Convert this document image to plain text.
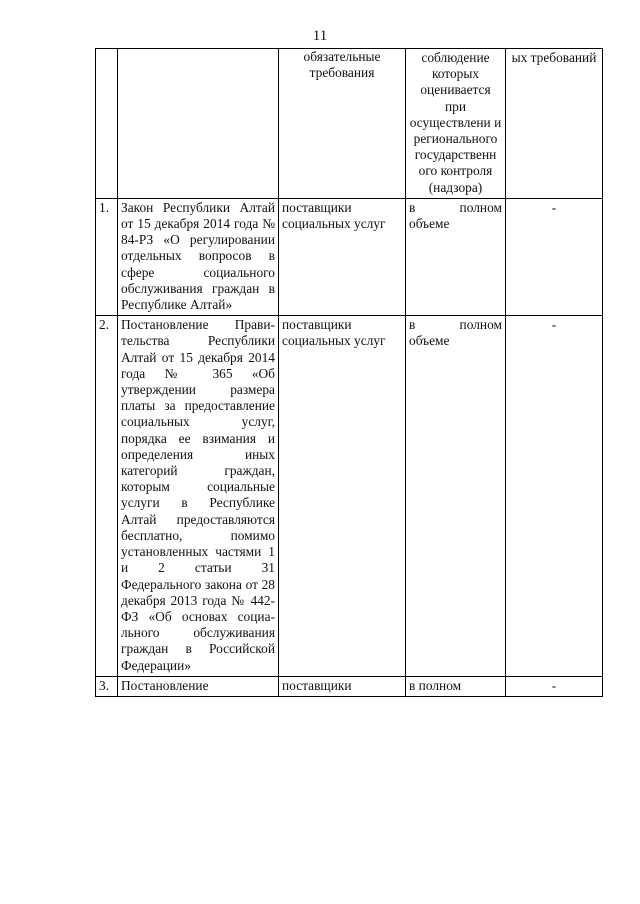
11
		обязательные требования	соблюдение которых оценивается при осуществлени и регионального государственн ого контроля (надзора)	ых требований
1.	Закон Республики Алтай от 15 декабря 2014 года № 84-РЗ «О регулировании отдельных вопросов в сфере социального обслуживания граждан в Республике Алтай»	поставщики социальных услуг	в полном объеме	-
2.	Постановление Прави-тельства Республики Алтай от 15 декабря 2014 года № 365 «Об утверждении размера платы за предоставление социальных услуг, порядка ее взимания и определения иных категорий граждан, которым социальные услуги в Республике Алтай предоставляются бесплатно, помимо установленных частями 1 и 2 статьи 31 Федерального закона от 28 декабря 2013 года № 442-ФЗ «Об основах социа-льного обслуживания граждан в Российской Федерации»	поставщики социальных услуг	в полном объеме	-
3.	Постановление	поставщики	в полном	-
